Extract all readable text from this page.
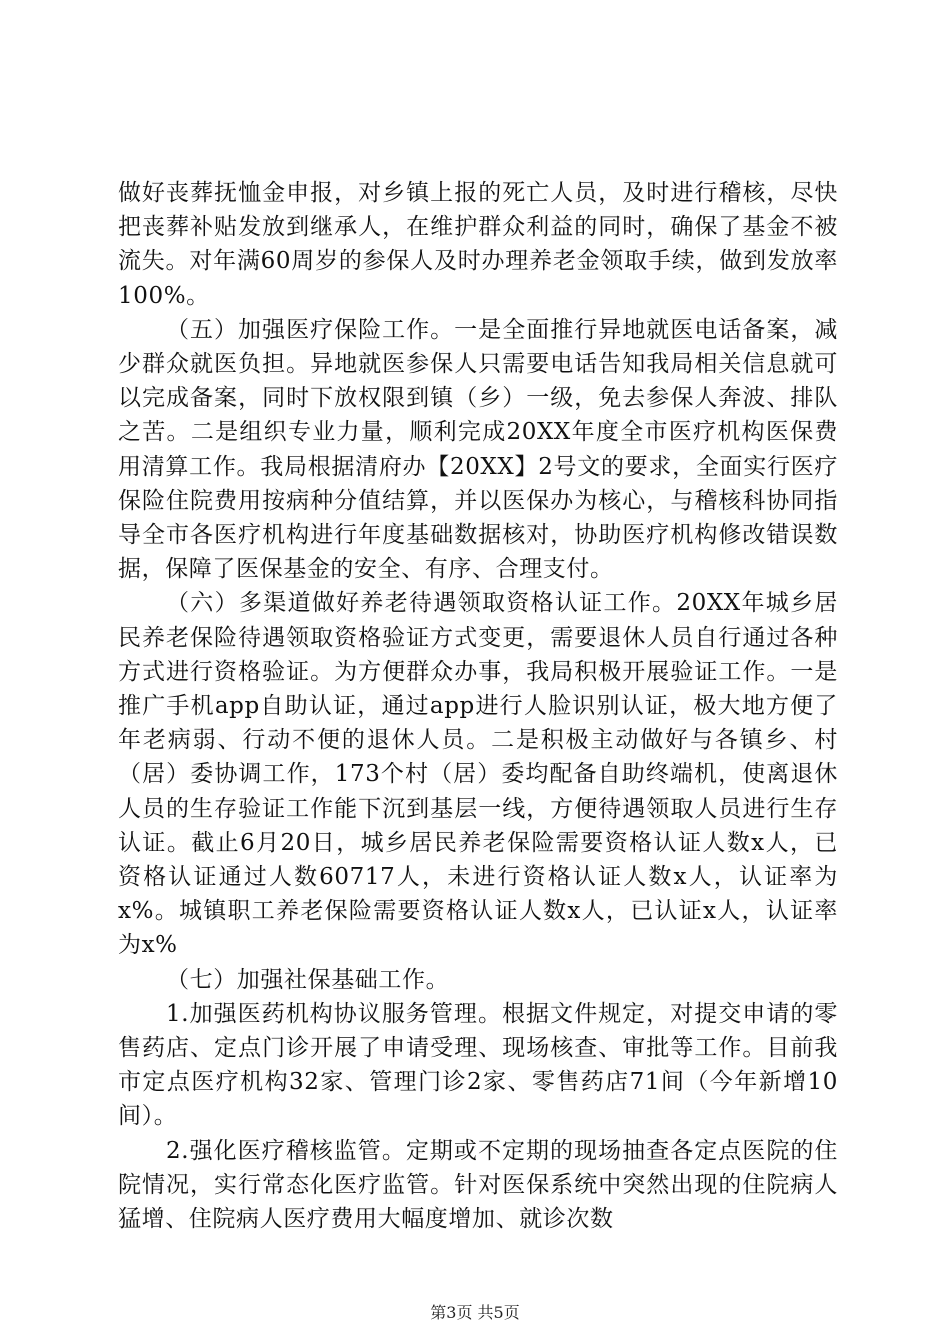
做好丧葬抚恤金申报，对乡镇上报的死亡人员，及时进行稽核，尽快把丧葬补贴发放到继承人，在维护群众利益的同时，确保了基金不被流失。对年满60周岁的参保人及时办理养老金领取手续，做到发放率100%。

（五）加强医疗保险工作。一是全面推行异地就医电话备案，减少群众就医负担。异地就医参保人只需要电话告知我局相关信息就可以完成备案，同时下放权限到镇（乡）一级，免去参保人奔波、排队之苦。二是组织专业力量，顺利完成20XX年度全市医疗机构医保费用清算工作。我局根据清府办【20XX】2号文的要求，全面实行医疗保险住院费用按病种分值结算，并以医保办为核心，与稽核科协同指导全市各医疗机构进行年度基础数据核对，协助医疗机构修改错误数据，保障了医保基金的安全、有序、合理支付。

（六）多渠道做好养老待遇领取资格认证工作。20XX年城乡居民养老保险待遇领取资格验证方式变更，需要退休人员自行通过各种方式进行资格验证。为方便群众办事，我局积极开展验证工作。一是推广手机app自助认证，通过app进行人脸识别认证，极大地方便了年老病弱、行动不便的退休人员。二是积极主动做好与各镇乡、村（居）委协调工作，173个村（居）委均配备自助终端机，使离退休人员的生存验证工作能下沉到基层一线，方便待遇领取人员进行生存认证。截止6月20日，城乡居民养老保险需要资格认证人数x人，已资格认证通过人数60717人，未进行资格认证人数x人，认证率为x%。城镇职工养老保险需要资格认证人数x人，已认证x人，认证率为x%

（七）加强社保基础工作。

1.加强医药机构协议服务管理。根据文件规定，对提交申请的零售药店、定点门诊开展了申请受理、现场核查、审批等工作。目前我市定点医疗机构32家、管理门诊2家、零售药店71间（今年新增10间）。

2.强化医疗稽核监管。定期或不定期的现场抽查各定点医院的住院情况，实行常态化医疗监管。针对医保系统中突然出现的住院病人猛增、住院病人医疗费用大幅度增加、就诊次数

第3页 共5页
